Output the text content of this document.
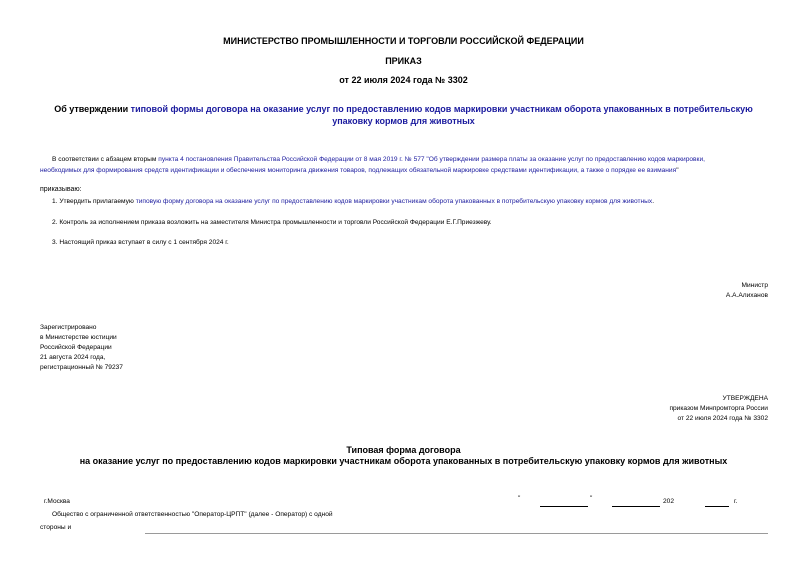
МИНИСТЕРСТВО ПРОМЫШЛЕННОСТИ И ТОРГОВЛИ РОССИЙСКОЙ ФЕДЕРАЦИИ
ПРИКАЗ
от 22 июля 2024 года № 3302
Об утверждении типовой формы договора на оказание услуг по предоставлению кодов маркировки участникам оборота упакованных в потребительскую
упаковку кормов для животных
В соответствии с абзацем вторым пункта 4 постановления Правительства Российской Федерации от 8 мая 2019 г. № 577 "Об утверждении размера платы за оказание услуг по предоставлению кодов маркировки,
необходимых для формирования средств идентификации и обеспечения мониторинга движения товаров, подлежащих обязательной маркировке средствами идентификации, а также о порядке ее взимания"
приказываю:
1. Утвердить прилагаемую типовую форму договора на оказание услуг по предоставлению кодов маркировки участникам оборота упакованных в потребительскую упаковку кормов для животных.
2. Контроль за исполнением приказа возложить на заместителя Министра промышленности и торговли Российской Федерации Е.Г.Приезжеву.
3. Настоящий приказ вступает в силу с 1 сентября 2024 г.
Министр
А.А.Алиханов
Зарегистрировано
в Министерстве юстиции
Российской Федерации
21 августа 2024 года,
регистрационный № 79237
УТВЕРЖДЕНА
приказом Минпромторга России
от 22 июля 2024 года № 3302
Типовая форма договора
на оказание услуг по предоставлению кодов маркировки участникам оборота упакованных в потребительскую упаковку кормов для животных
г.Москва	"	"	202	г.
Общество с ограниченной ответственностью "Оператор-ЦРПТ" (далее - Оператор) с одной
стороны и
